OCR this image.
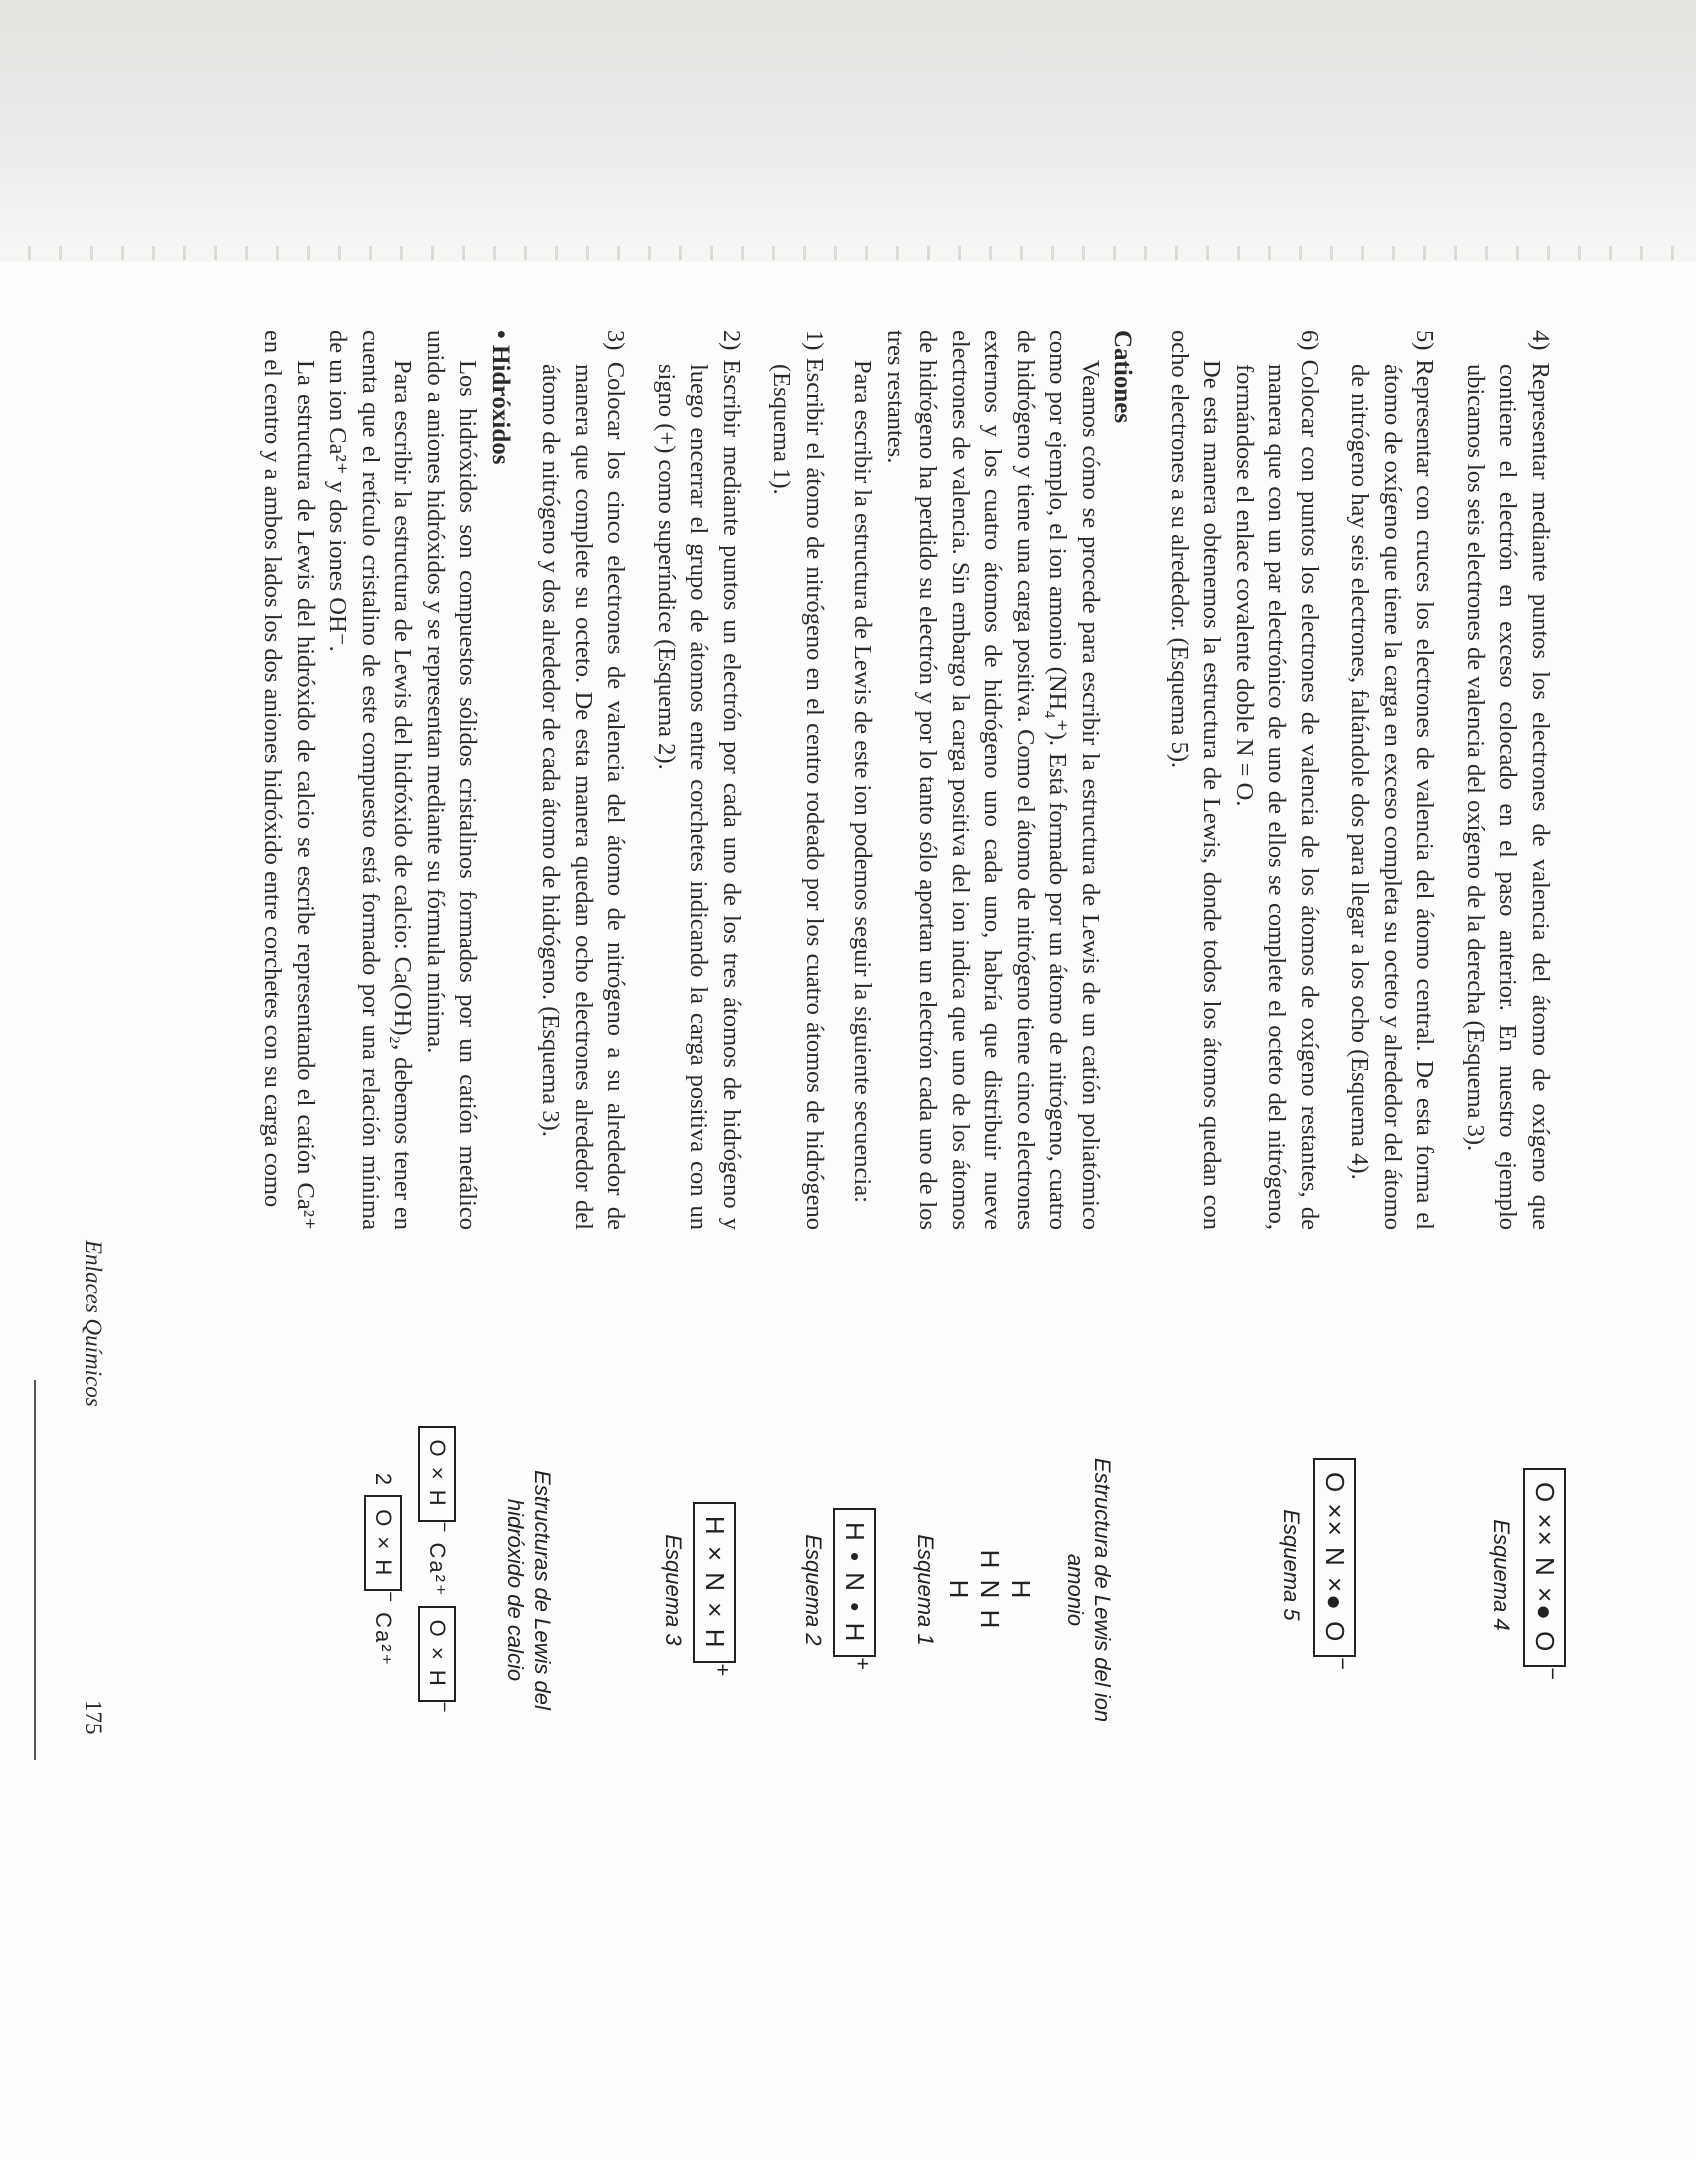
4) Representar mediante puntos los electrones de valencia del átomo de oxígeno que contiene el electrón en exceso colocado en el paso anterior. En nuestro ejemplo ubicamos los seis electrones de valencia del oxígeno de la derecha (Esquema 3).

5) Representar con cruces los electrones de valencia del átomo central. De esta forma el átomo de oxígeno que tiene la carga en exceso completa su octeto y alrededor del átomo de nitrógeno hay seis electrones, faltándole dos para llegar a los ocho (Esquema 4).

6) Colocar con puntos los electrones de valencia de los átomos de oxígeno restantes, de manera que con un par electrónico de uno de ellos se complete el octeto del nitrógeno, formándose el enlace covalente doble N = O.

De esta manera obtenemos la estructura de Lewis, donde todos los átomos quedan con ocho electrones a su alrededor. (Esquema 5).

Cationes

Veamos cómo se procede para escribir la estructura de Lewis de un catión poliatómico como por ejemplo, el ion amonio (NH₄⁺). Está formado por un átomo de nitrógeno, cuatro de hidrógeno y tiene una carga positiva. Como el átomo de nitrógeno tiene cinco electrones externos y los cuatro átomos de hidrógeno uno cada uno, habría que distribuir nueve electrones de valencia. Sin embargo la carga positiva del ion indica que uno de los átomos de hidrógeno ha perdido su electrón y por lo tanto sólo aportan un electrón cada uno de los tres restantes.

Para escribir la estructura de Lewis de este ion podemos seguir la siguiente secuencia:

1) Escribir el átomo de nitrógeno en el centro rodeado por los cuatro átomos de hidrógeno (Esquema 1).

2) Escribir mediante puntos un electrón por cada uno de los tres átomos de hidrógeno y luego encerrar el grupo de átomos entre corchetes indicando la carga positiva con un signo (+) como superíndice (Esquema 2).

3) Colocar los cinco electrones de valencia del átomo de nitrógeno a su alrededor de manera que complete su octeto. De esta manera quedan ocho electrones alrededor del átomo de nitrógeno y dos alrededor de cada átomo de hidrógeno. (Esquema 3).

• Hidróxidos

Los hidróxidos son compuestos sólidos cristalinos formados por un catión metálico unido a aniones hidróxidos y se representan mediante su fórmula mínima.

Para escribir la estructura de Lewis del hidróxido de calcio: Ca(OH)₂, debemos tener en cuenta que el retículo cristalino de este compuesto está formado por una relación mínima de un ion Ca²⁺ y dos iones OH⁻.

La estructura de Lewis del hidróxido de calcio se escribe representando el catión Ca²⁺ en el centro y a ambos lados los dos aniones hidróxido entre corchetes con su carga como

O ×× N ×● O−
Esquema 4
O ×× N ×● O−
Esquema 5
Estructura de Lewis del ion amonio
H
H N H
H
Esquema 1
H • N • H+
Esquema 2
H × N × H+
Esquema 3
Estructuras de Lewis del hidróxido de calcio
O × H− Ca²⁺ O × H−
2 O × H− Ca²⁺
Enlaces Químicos
175
